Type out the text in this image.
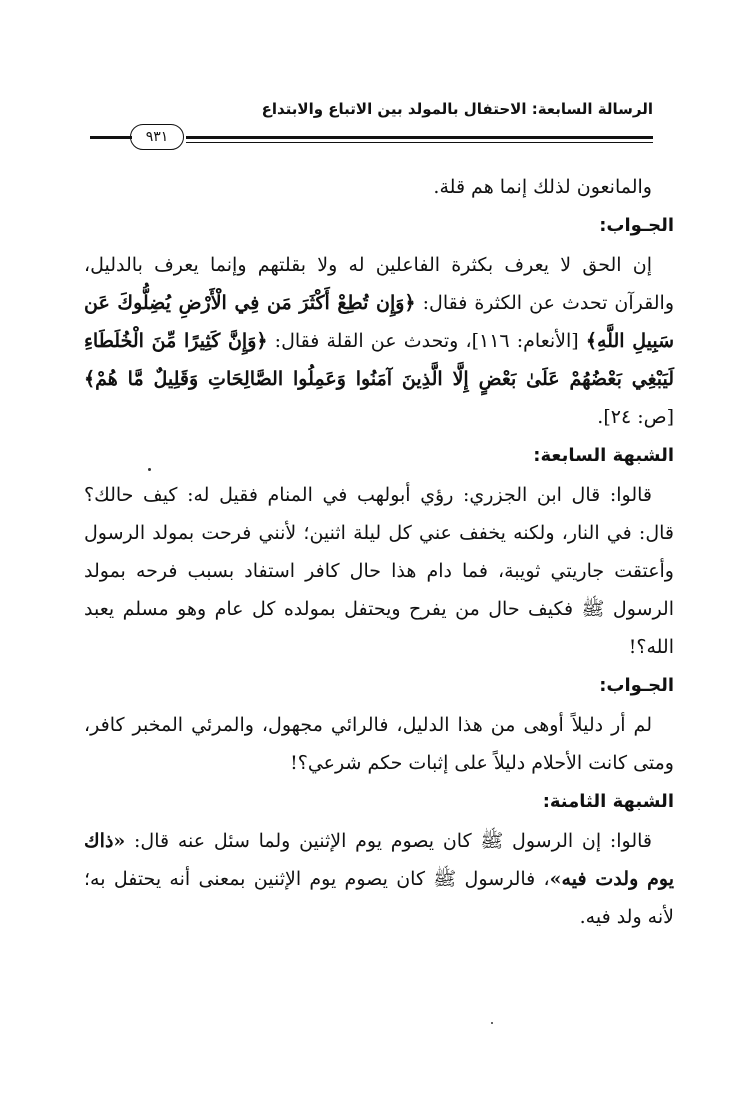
الرسالة السابعة: الاحتفال بالمولد بين الاتباع والابتداع
٩٣١

والمانعون لذلك إنما هم قلة.

الجـواب:

إن الحق لا يعرف بكثرة الفاعلين له ولا بقلتهم وإنما يعرف بالدليل، والقرآن تحدث عن الكثرة فقال: ﴿وَإِن تُطِعْ أَكْثَرَ مَن فِي الْأَرْضِ يُضِلُّوكَ عَن سَبِيلِ اللَّهِ﴾ [الأنعام: ١١٦]، وتحدث عن القلة فقال: ﴿وَإِنَّ كَثِيرًا مِّنَ الْخُلَطَاءِ لَيَبْغِي بَعْضُهُمْ عَلَىٰ بَعْضٍ إِلَّا الَّذِينَ آمَنُوا وَعَمِلُوا الصَّالِحَاتِ وَقَلِيلٌ مَّا هُمْ﴾ [ص: ٢٤].

الشبهة السابعة:

قالوا: قال ابن الجزري: رؤي أبولهب في المنام فقيل له: كيف حالك؟ قال: في النار، ولكنه يخفف عني كل ليلة اثنين؛ لأنني فرحت بمولد الرسول وأعتقت جاريتي ثويبة، فما دام هذا حال كافر استفاد بسبب فرحه بمولد الرسول ﷺ فكيف حال من يفرح ويحتفل بمولده كل عام وهو مسلم يعبد الله؟!

الجـواب:

لم أر دليلاً أوهى من هذا الدليل، فالرائي مجهول، والمرئي المخبر كافر، ومتى كانت الأحلام دليلاً على إثبات حكم شرعي؟!

الشبهة الثامنة:

قالوا: إن الرسول ﷺ كان يصوم يوم الإثنين ولما سئل عنه قال: «ذاك يوم ولدت فيه»، فالرسول ﷺ كان يصوم يوم الإثنين بمعنى أنه يحتفل به؛ لأنه ولد فيه.
